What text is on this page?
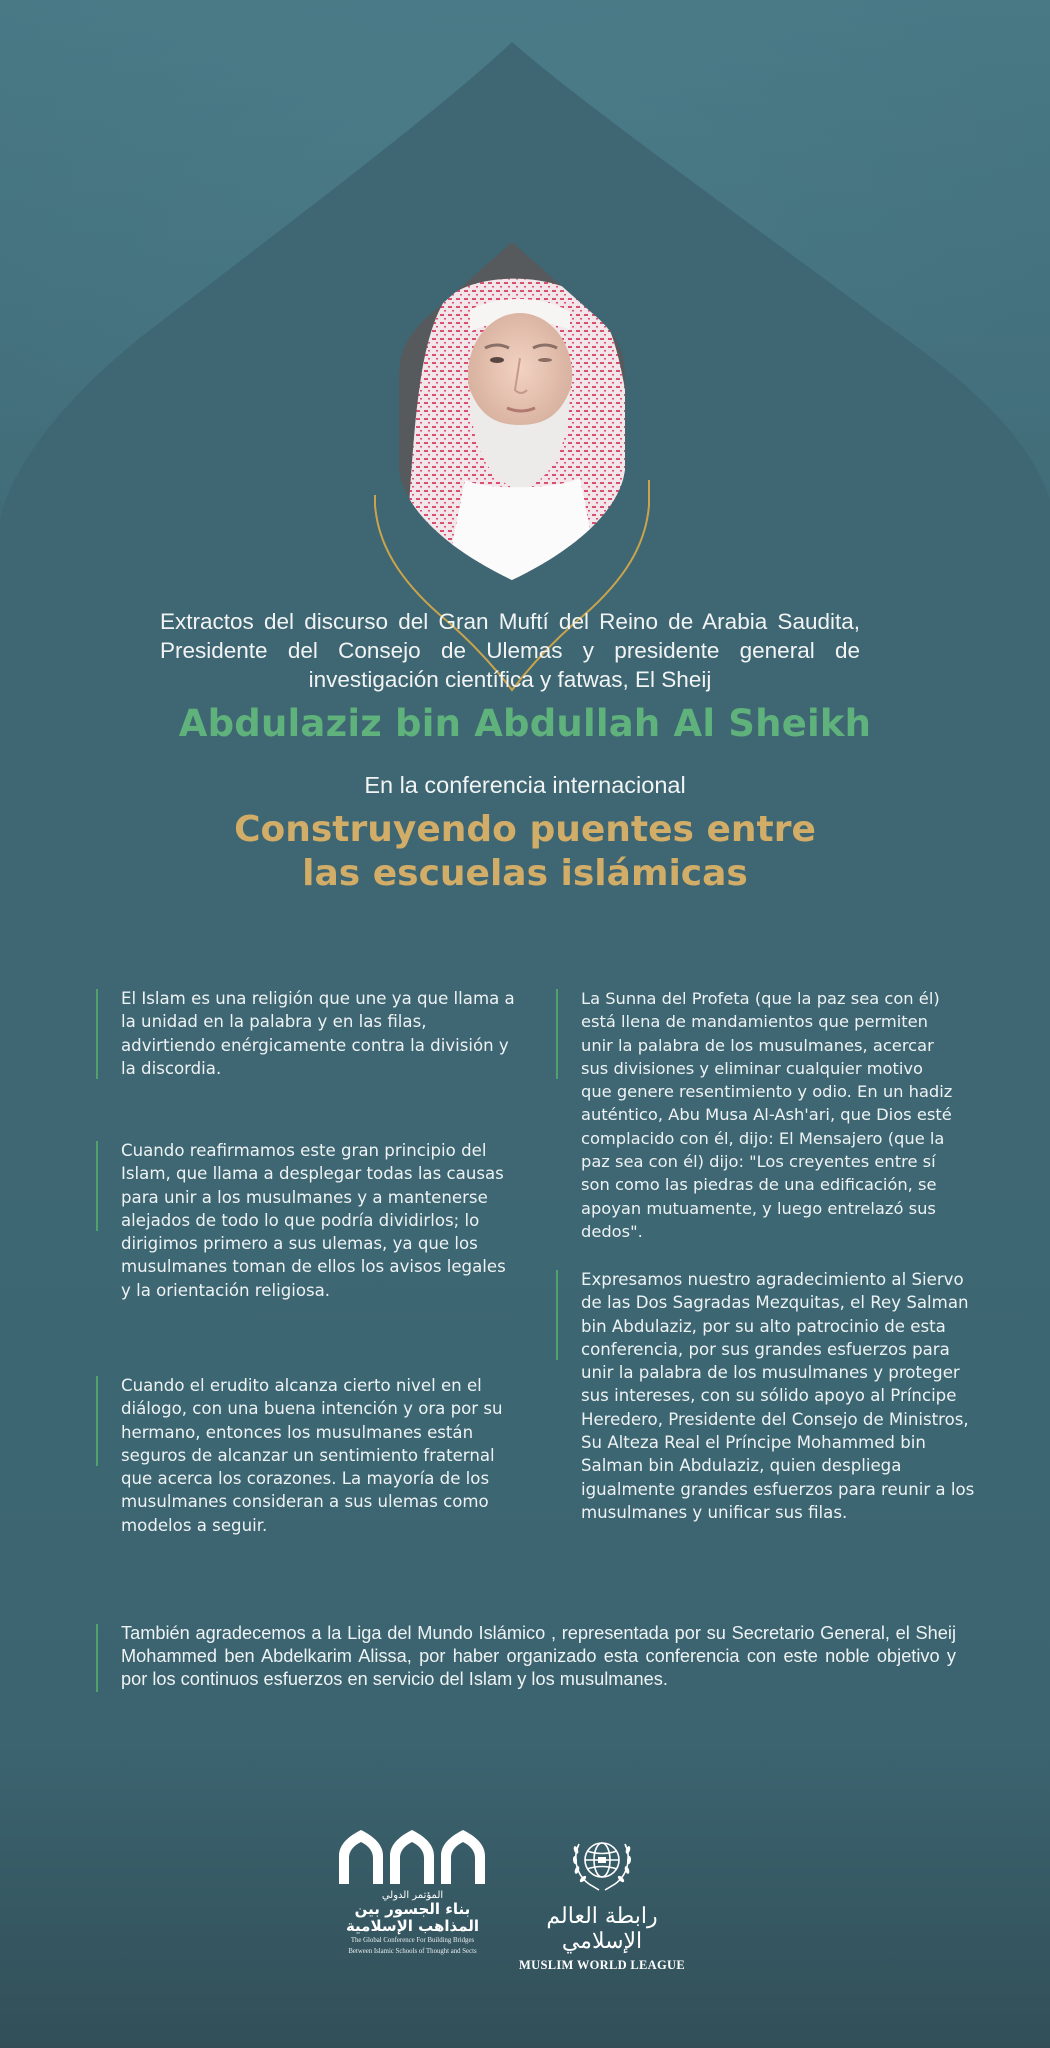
Extractos del discurso del Gran Muftí del Reino de Arabia Saudita, Presidente del Consejo de Ulemas y presidente general de investigación científica y fatwas, El Sheij
Abdulaziz bin Abdullah Al Sheikh
En la conferencia internacional
Construyendo puentes entre
las escuelas islámicas

El Islam es una religión que une ya que llama a la unidad en la palabra y en las filas, advirtiendo enérgicamente contra la división y la discordia.

Cuando reafirmamos este gran principio del Islam, que llama a desplegar todas las causas para unir a los musulmanes y a mantenerse alejados de todo lo que podría dividirlos; lo dirigimos primero a sus ulemas, ya que los musulmanes toman de ellos los avisos legales y la orientación religiosa.

Cuando el erudito alcanza cierto nivel en el diálogo, con una buena intención y ora por su hermano, entonces los musulmanes están seguros de alcanzar un sentimiento fraternal que acerca los corazones. La mayoría de los musulmanes consideran a sus ulemas como modelos a seguir.

La Sunna del Profeta (que la paz sea con él) está llena de mandamientos que permiten unir la palabra de los musulmanes, acercar sus divisiones y eliminar cualquier motivo que genere resentimiento y odio. En un hadiz auténtico, Abu Musa Al-Ash'ari, que Dios esté complacido con él, dijo: El Mensajero (que la paz sea con él) dijo: "Los creyentes entre sí son como las piedras de una edificación, se apoyan mutuamente, y luego entrelazó sus dedos".

Expresamos nuestro agradecimiento al Siervo de las Dos Sagradas Mezquitas, el Rey Salman bin Abdulaziz, por su alto patrocinio de esta conferencia, por sus grandes esfuerzos para unir la palabra de los musulmanes y proteger sus intereses, con su sólido apoyo al Príncipe Heredero, Presidente del Consejo de Ministros, Su Alteza Real el Príncipe Mohammed bin Salman bin Abdulaziz, quien despliega igualmente grandes esfuerzos para reunir a los musulmanes y unificar sus filas.

También agradecemos a la Liga del Mundo Islámico , representada por su Secretario General, el Sheij Mohammed ben Abdelkarim Alissa, por haber organizado esta conferencia con este noble objetivo y por los continuos esfuerzos en servicio del Islam y los musulmanes.

المؤتمر الدولي
بناء الجسور بين
المذاهب الإسلامية
The Global Conference For Building Bridges
Between Islamic Schools of Thought and Sects
رابطة العالم الإسلامي
MUSLIM WORLD LEAGUE
